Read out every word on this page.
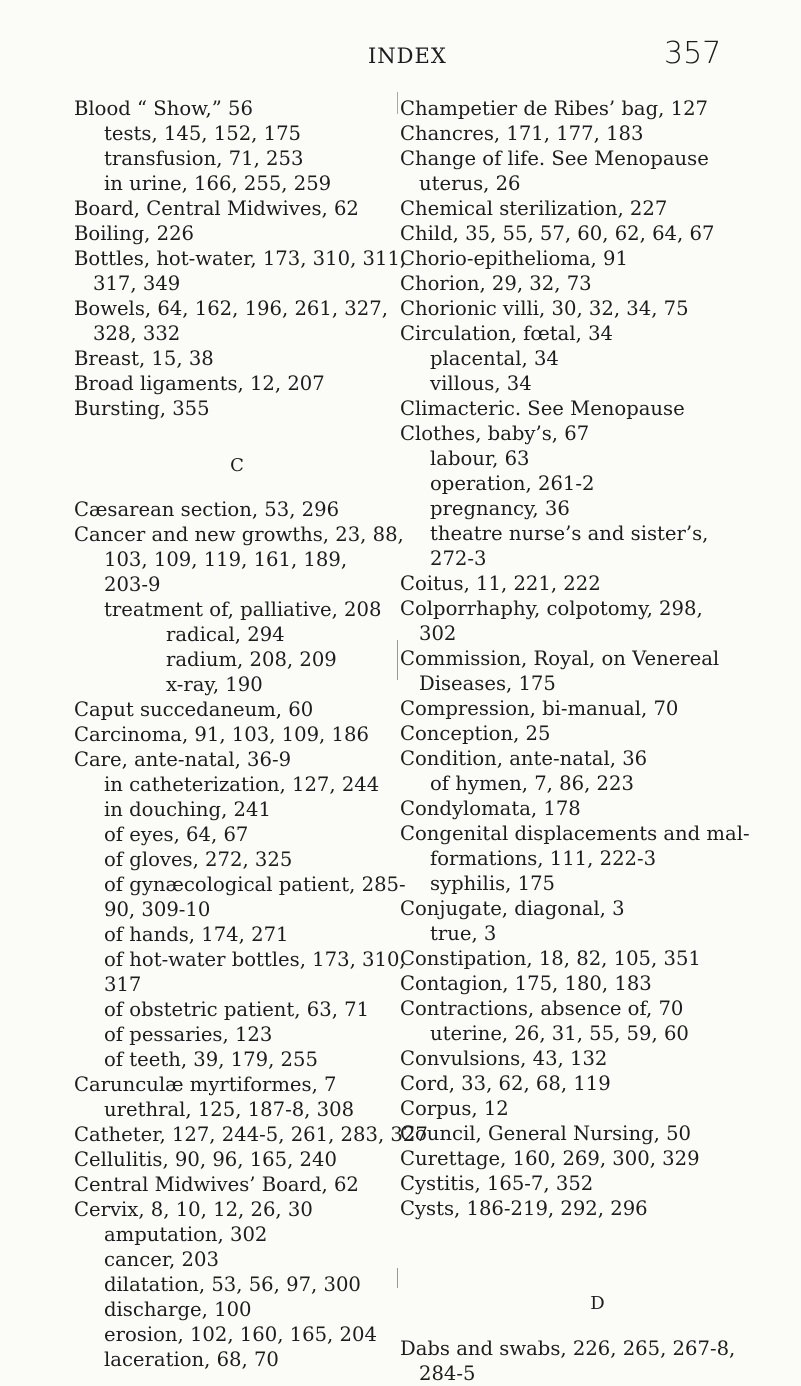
INDEX	357
Blood “ Show,” 56
tests, 145, 152, 175
transfusion, 71, 253
in urine, 166, 255, 259
Board, Central Midwives, 62
Boiling, 226
Bottles, hot-water, 173, 310, 311,
317, 349
Bowels, 64, 162, 196, 261, 327,
328, 332
Breast, 15, 38
Broad ligaments, 12, 207
Bursting, 355
C
Cæsarean section, 53, 296
Cancer and new growths, 23, 88,
103, 109, 119, 161, 189,
203-9
treatment of, palliative, 208
radical, 294
radium, 208, 209
x-ray, 190
Caput succedaneum, 60
Carcinoma, 91, 103, 109, 186
Care, ante-natal, 36-9
in catheterization, 127, 244
in douching, 241
of eyes, 64, 67
of gloves, 272, 325
of gynæcological patient, 285-
90, 309-10
of hands, 174, 271
of hot-water bottles, 173, 310,
317
of obstetric patient, 63, 71
of pessaries, 123
of teeth, 39, 179, 255
Carunculæ myrtiformes, 7
urethral, 125, 187-8, 308
Catheter, 127, 244-5, 261, 283, 327
Cellulitis, 90, 96, 165, 240
Central Midwives’ Board, 62
Cervix, 8, 10, 12, 26, 30
amputation, 302
cancer, 203
dilatation, 53, 56, 97, 300
discharge, 100
erosion, 102, 160, 165, 204
laceration, 68, 70
Champetier de Ribes’ bag, 127
Chancres, 171, 177, 183
Change of life. See Menopause
uterus, 26
Chemical sterilization, 227
Child, 35, 55, 57, 60, 62, 64, 67
Chorio-epithelioma, 91
Chorion, 29, 32, 73
Chorionic villi, 30, 32, 34, 75
Circulation, fœtal, 34
placental, 34
villous, 34
Climacteric. See Menopause
Clothes, baby’s, 67
labour, 63
operation, 261-2
pregnancy, 36
theatre nurse’s and sister’s,
272-3
Coitus, 11, 221, 222
Colporrhaphy, colpotomy, 298,
302
Commission, Royal, on Venereal
Diseases, 175
Compression, bi-manual, 70
Conception, 25
Condition, ante-natal, 36
of hymen, 7, 86, 223
Condylomata, 178
Congenital displacements and mal-
formations, 111, 222-3
syphilis, 175
Conjugate, diagonal, 3
true, 3
Constipation, 18, 82, 105, 351
Contagion, 175, 180, 183
Contractions, absence of, 70
uterine, 26, 31, 55, 59, 60
Convulsions, 43, 132
Cord, 33, 62, 68, 119
Corpus, 12
Council, General Nursing, 50
Curettage, 160, 269, 300, 329
Cystitis, 165-7, 352
Cysts, 186-219, 292, 296
D
Dabs and swabs, 226, 265, 267-8,
284-5
